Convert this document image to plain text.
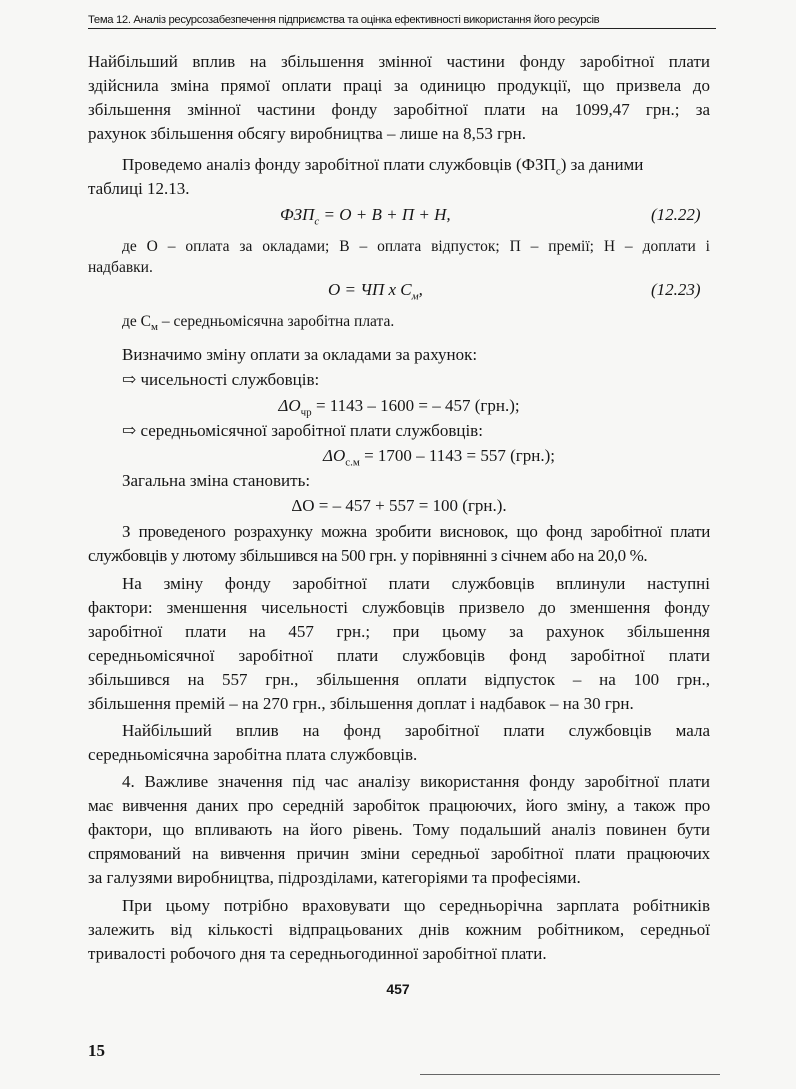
Тема 12. Аналіз ресурсозабезпечення підприємства та оцінка ефективності використання його ресурсів
Найбільший вплив на збільшення змінної частини фонду заробітної плати
здійснила зміна прямої оплати праці за одиницю продукції, що призвела до
збільшення змінної частини фонду заробітної плати на 1099,47 грн.; за
рахунок збільшення обсягу виробництва – лише на 8,53 грн.
Проведемо аналіз фонду заробітної плати службовців $(ФЗП_с)$ за даними
таблиці 12.13.
$ФЗП_с = О + В + П + Н$,	(12.22)
де О – оплата за окладами; В – оплата відпусток; П – премії; Н – доплати і
надбавки.
О = ЧП х $С_м$,	(12.23)
де $С_м$ – середньомісячна заробітна плата.
Визначимо зміну оплати за окладами за рахунок:
⇨ чисельності службовців:
$\Delta О_{чр} = 1143 - 1600$ = – 457 (грн.);
⇨ середньомісячної заробітної плати службовців:
$\Delta О_{с.м} = 1700 - 1143 = 557$ (грн.);
Загальна зміна становить:
ΔО = – 457 + 557 = 100 (грн.).
З проведеного розрахунку можна зробити висновок, що фонд заробітної плати
службовців у лютому збільшився на 500 грн. у порівнянні з січнем або на 20,0 %.
На зміну фонду заробітної плати службовців вплинули наступні
фактори: зменшення чисельності службовців призвело до зменшення фонду
заробітної плати на 457 грн.; при цьому за рахунок збільшення
середньомісячної заробітної плати службовців фонд заробітної плати
збільшився на 557 грн., збільшення оплати відпусток – на 100 грн.,
збільшення премій – на 270 грн., збільшення доплат і надбавок – на 30 грн.
Найбільший вплив на фонд заробітної плати службовців мала
середньомісячна заробітна плата службовців.
4. Важливе значення під час аналізу використання фонду заробітної плати
має вивчення даних про середній заробіток працюючих, його зміну, а також про
фактори, що впливають на його рівень. Тому подальший аналіз повинен бути
спрямований на вивчення причин зміни середньої заробітної плати працюючих
за галузями виробництва, підрозділами, категоріями та професіями.
При цьому потрібно враховувати що середньорічна зарплата робітників
залежить від кількості відпрацьованих днів кожним робітником, середньої
тривалості робочого дня та середньогодинної заробітної плати.
457
15
